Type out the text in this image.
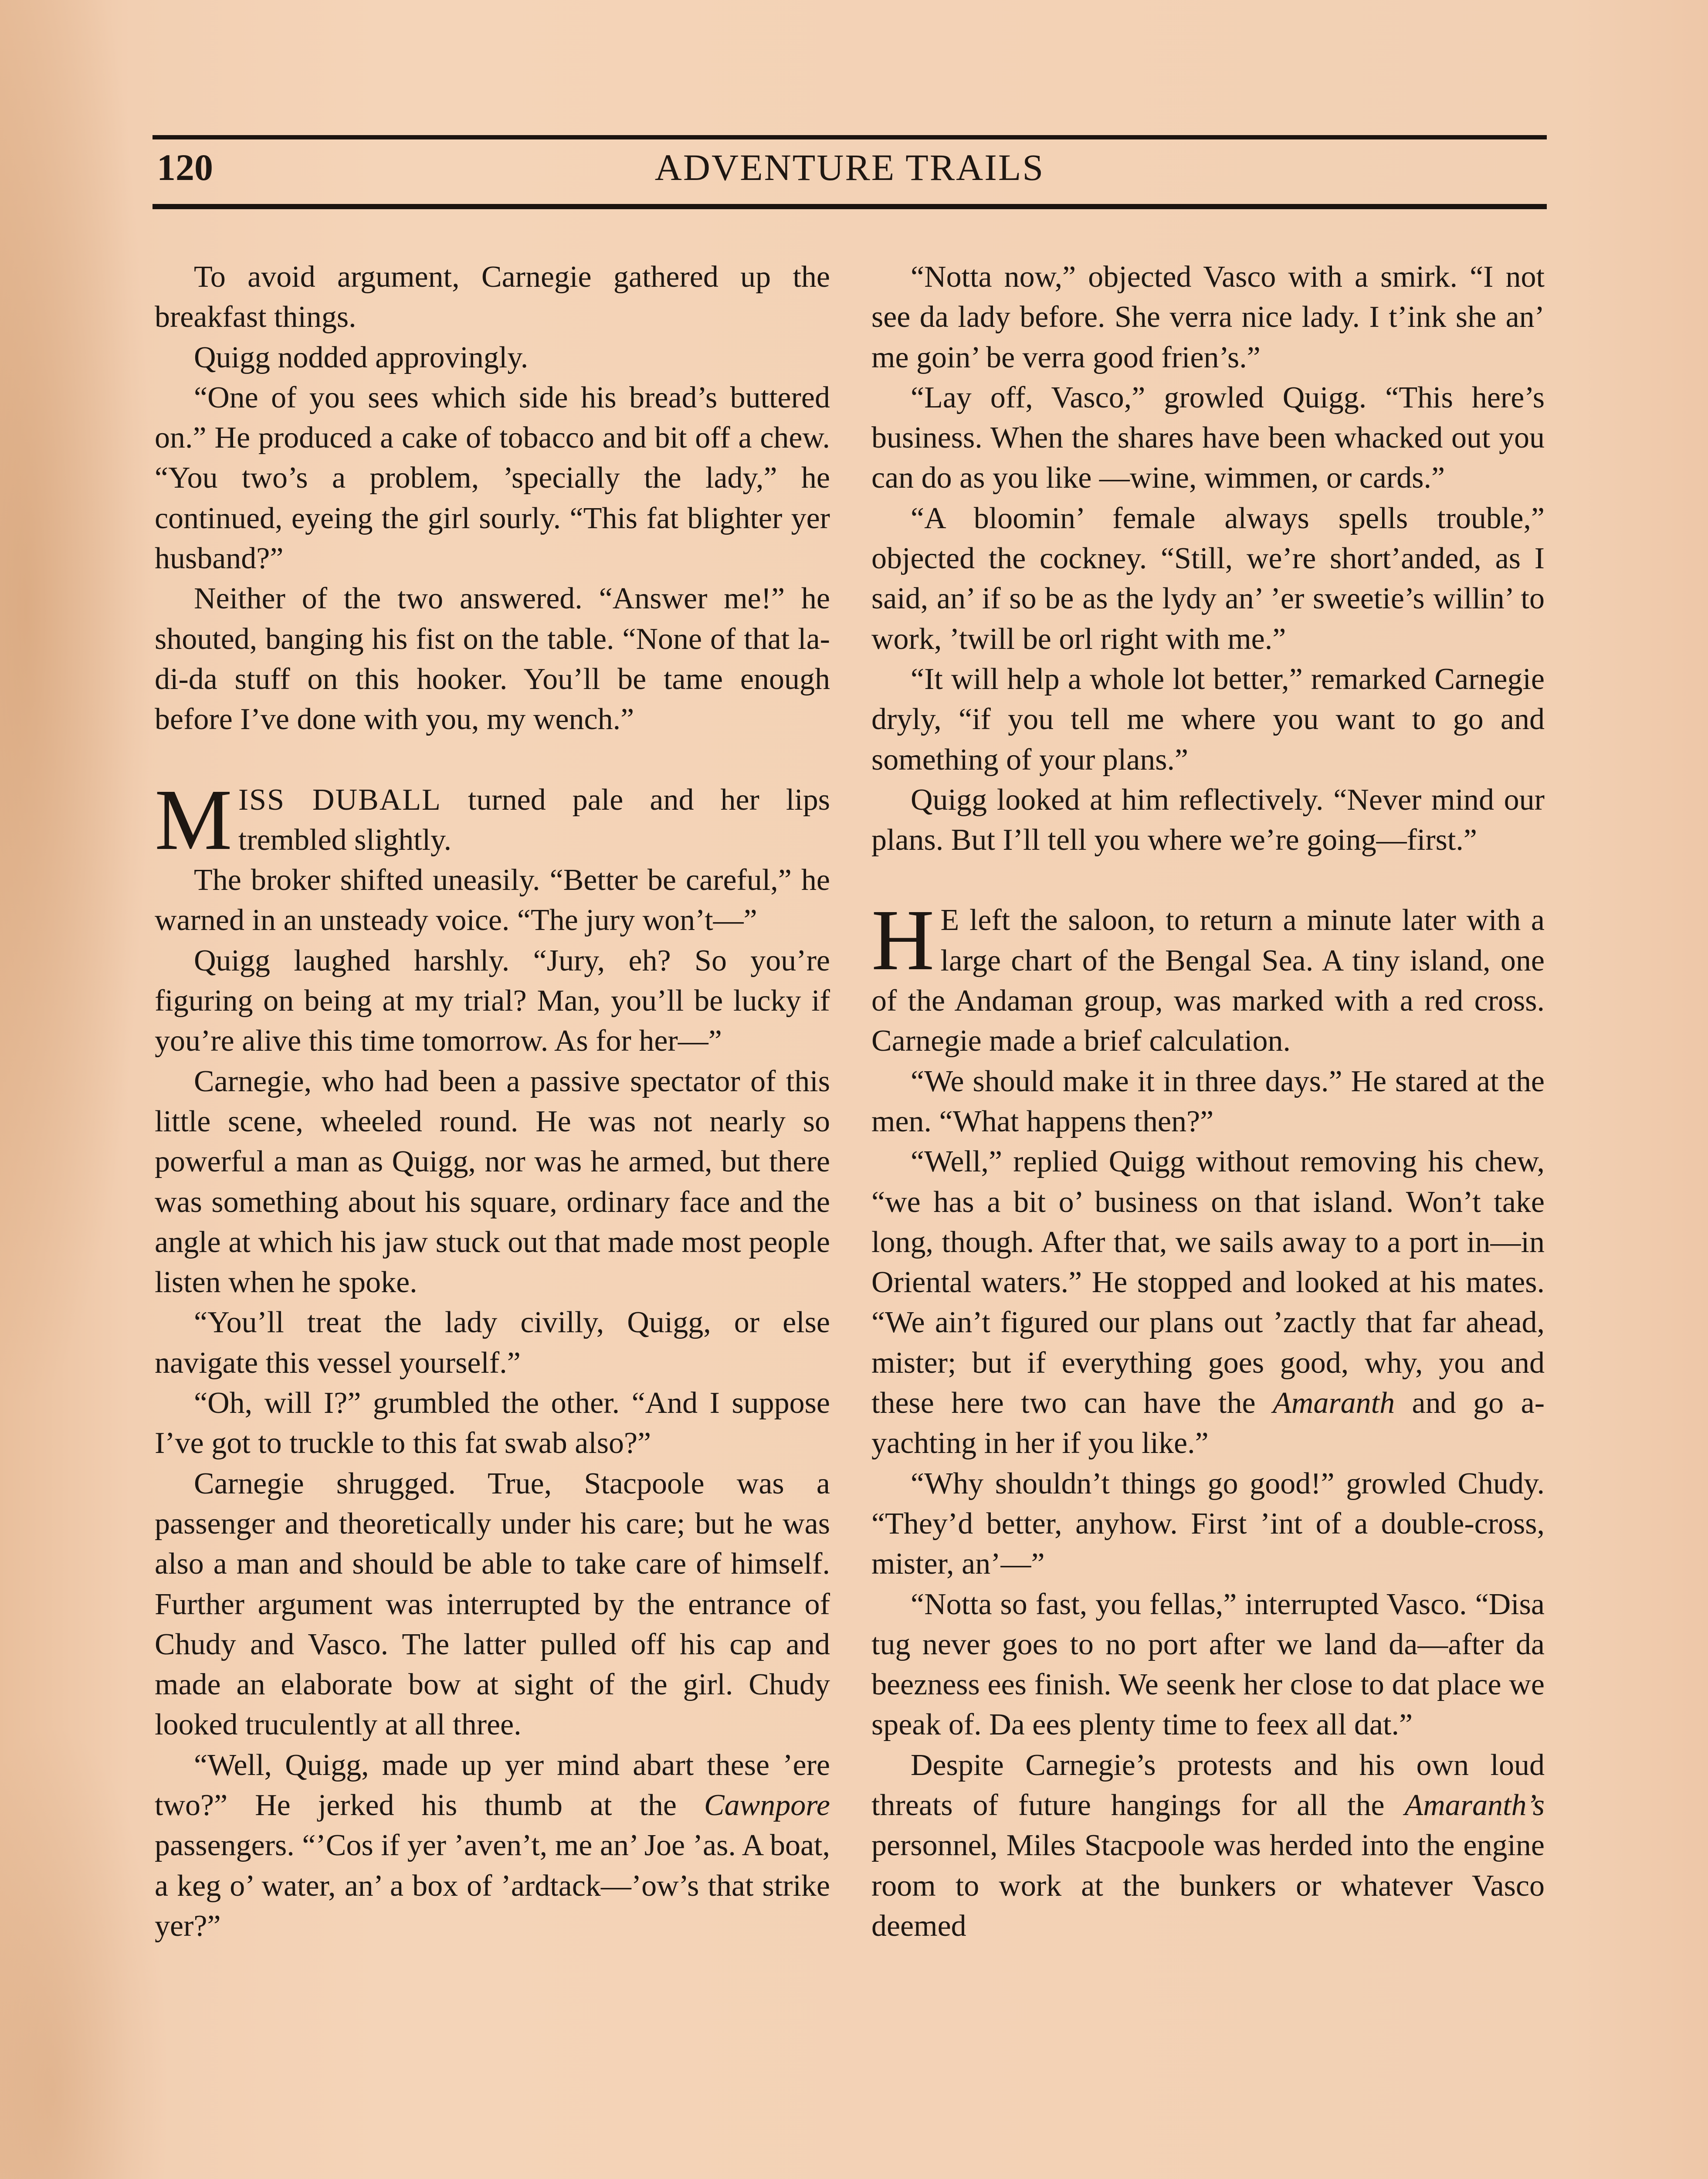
120	ADVENTURE TRAILS

To avoid argument, Carnegie gathered up the breakfast things.

Quigg nodded approvingly.

“One of you sees which side his bread’s buttered on.” He produced a cake of tobacco and bit off a chew. “You two’s a problem, ’specially the lady,” he continued, eyeing the girl sourly. “This fat blighter yer husband?”

Neither of the two answered. “Answer me!” he shouted, banging his fist on the table. “None of that la-di-da stuff on this hooker. You’ll be tame enough before I’ve done with you, my wench.”

MISS DUBALL turned pale and her lips trembled slightly.

The broker shifted uneasily. “Better be careful,” he warned in an unsteady voice. “The jury won’t—”

Quigg laughed harshly. “Jury, eh? So you’re figuring on being at my trial? Man, you’ll be lucky if you’re alive this time tomorrow. As for her—”

Carnegie, who had been a passive spectator of this little scene, wheeled round. He was not nearly so powerful a man as Quigg, nor was he armed, but there was something about his square, ordinary face and the angle at which his jaw stuck out that made most people listen when he spoke.

“You’ll treat the lady civilly, Quigg, or else navigate this vessel yourself.”

“Oh, will I?” grumbled the other. “And I suppose I’ve got to truckle to this fat swab also?”

Carnegie shrugged. True, Stacpoole was a passenger and theoretically under his care; but he was also a man and should be able to take care of himself. Further argument was interrupted by the entrance of Chudy and Vasco. The latter pulled off his cap and made an elaborate bow at sight of the girl. Chudy looked truculently at all three.

“Well, Quigg, made up yer mind abart these ’ere two?” He jerked his thumb at the Cawnpore passengers. “’Cos if yer ’aven’t, me an’ Joe ’as. A boat, a keg o’ water, an’ a box of ’ardtack—’ow’s that strike yer?”

“Notta now,” objected Vasco with a smirk. “I not see da lady before. She verra nice lady. I t’ink she an’ me goin’ be verra good frien’s.”

“Lay off, Vasco,” growled Quigg. “This here’s business. When the shares have been whacked out you can do as you like —wine, wimmen, or cards.”

“A bloomin’ female always spells trouble,” objected the cockney. “Still, we’re short’anded, as I said, an’ if so be as the lydy an’ ’er sweetie’s willin’ to work, ’twill be orl right with me.”

“It will help a whole lot better,” remarked Carnegie dryly, “if you tell me where you want to go and something of your plans.”

Quigg looked at him reflectively. “Never mind our plans. But I’ll tell you where we’re going—first.”

H E left the saloon, to return a minute later with a large chart of the Bengal Sea. A tiny island, one of the Andaman group, was marked with a red cross. Carnegie made a brief calculation.

“We should make it in three days.” He stared at the men. “What happens then?”

“Well,” replied Quigg without removing his chew, “we has a bit o’ business on that island. Won’t take long, though. After that, we sails away to a port in—in Oriental waters.” He stopped and looked at his mates. “We ain’t figured our plans out ’zactly that far ahead, mister; but if everything goes good, why, you and these here two can have the Amaranth and go a-yachting in her if you like.”

“Why shouldn’t things go good!” growled Chudy. “They’d better, anyhow. First ’int of a double-cross, mister, an’—”

“Notta so fast, you fellas,” interrupted Vasco. “Disa tug never goes to no port after we land da—after da beezness ees finish. We seenk her close to dat place we speak of. Da ees plenty time to feex all dat.”

Despite Carnegie’s protests and his own loud threats of future hangings for all the Amaranth’s personnel, Miles Stacpoole was herded into the engine room to work at the bunkers or whatever Vasco deemed
